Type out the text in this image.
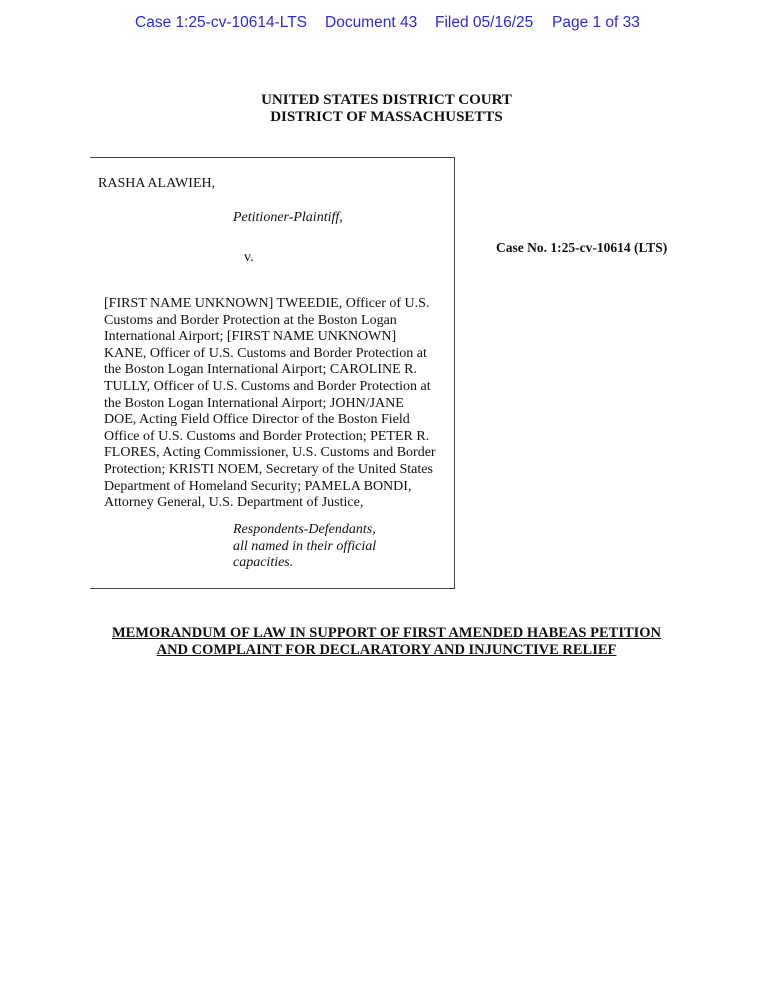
Case 1:25-cv-10614-LTS Document 43 Filed 05/16/25 Page 1 of 33
UNITED STATES DISTRICT COURT
DISTRICT OF MASSACHUSETTS
RASHA ALAWIEH,
Petitioner-Plaintiff,
v.
Case No. 1:25-cv-10614 (LTS)
[FIRST NAME UNKNOWN] TWEEDIE, Officer of U.S.
Customs and Border Protection at the Boston Logan
International Airport; [FIRST NAME UNKNOWN]
KANE, Officer of U.S. Customs and Border Protection at
the Boston Logan International Airport; CAROLINE R.
TULLY, Officer of U.S. Customs and Border Protection at
the Boston Logan International Airport; JOHN/JANE
DOE, Acting Field Office Director of the Boston Field
Office of U.S. Customs and Border Protection; PETER R.
FLORES, Acting Commissioner, U.S. Customs and Border
Protection; KRISTI NOEM, Secretary of the United States
Department of Homeland Security; PAMELA BONDI,
Attorney General, U.S. Department of Justice,
Respondents-Defendants,
all named in their official
capacities.
MEMORANDUM OF LAW IN SUPPORT OF FIRST AMENDED HABEAS PETITION
AND COMPLAINT FOR DECLARATORY AND INJUNCTIVE RELIEF
